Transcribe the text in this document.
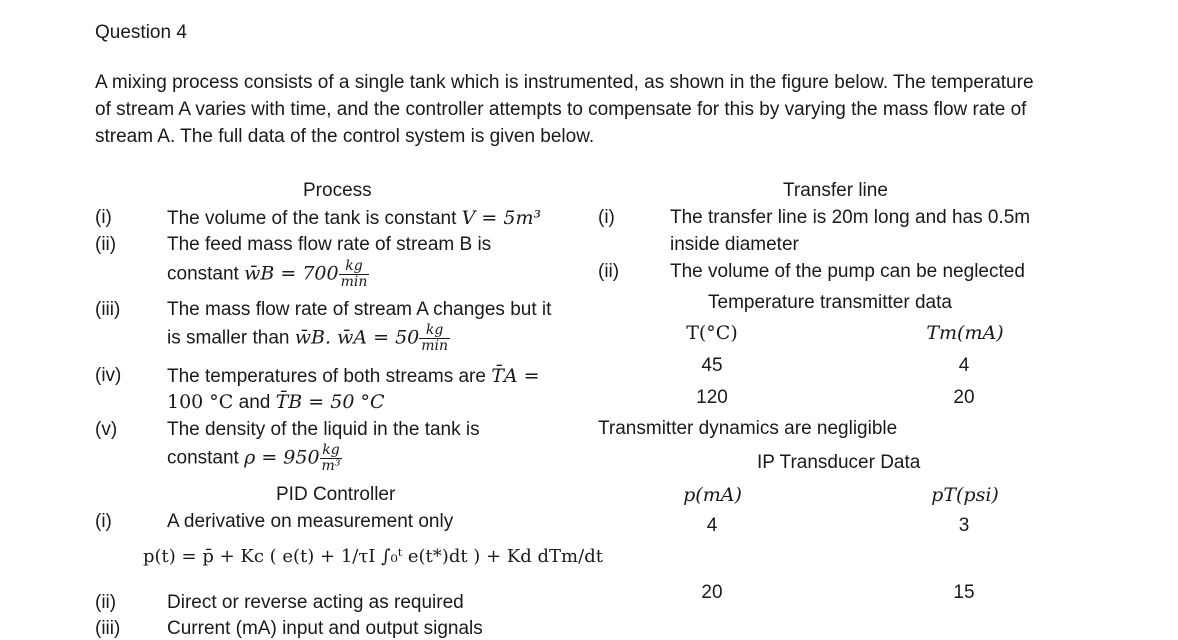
Question 4
A mixing process consists of a single tank which is instrumented, as shown in the figure below. The temperature
of stream A varies with time, and the controller attempts to compensate for this by varying the mass flow rate of
stream A. The full data of the control system is given below.
Process
(i)	The volume of the tank is constant V = 5m³
(ii)	The feed mass flow rate of stream B is
constant w̄B = $700 \frac{kg}{\min}$
(iii) The mass flow rate of stream A changes but it
is smaller than w̄B. w̄A = $50 \frac{kg}{\min}$
(iv) The temperatures of both streams are T̄A =
100 °C and T̄B = 50 °C
(v)	The density of the liquid in the tank is
constant $\rho = 950 \frac{kg}{\text{m³}}$
PID Controller
(i)	A derivative on measurement only
p(t) = p̄ + Kc ( e(t) + 1/τI ∫₀ᵗ e(t*)dt ) + Kd dTm/dt
(ii)	Direct or reverse acting as required
(iii) Current (mA) input and output signals
Transfer line
(i)	The transfer line is 20m long and has 0.5m
inside diameter
(ii)	The volume of the pump can be neglected
Temperature transmitter data
T(°C)	Tm(mA)
45	4
120	20
Transmitter dynamics are negligible
IP Transducer Data
p(mA)	pT(psi)
4	3
20	15
